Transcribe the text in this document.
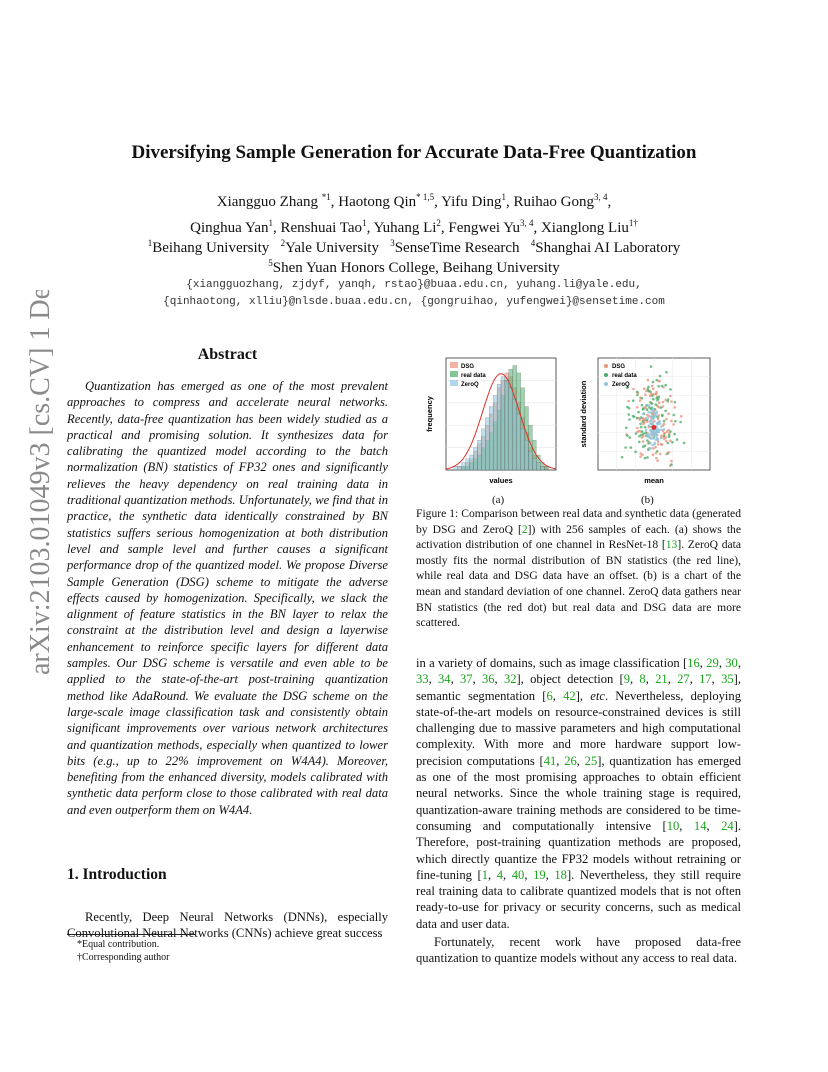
arXiv:2103.01049v3 [cs.CV] 1 Dec 2021
Diversifying Sample Generation for Accurate Data-Free Quantization
Xiangguo Zhang $^{*1}$, Haotong Qin$^{* 1,5}$, Yifu Ding$^1$, Ruihao Gong$^{3, 4}$,
Qinghua Yan$^1$, Renshuai Tao$^1$, Yuhang Li$^2$, Fengwei Yu$^{3, 4}$, Xianglong Liu$^{1\dagger}$
$^1$Beihang University   $^2$Yale University   $^3$SenseTime Research   $^4$Shanghai AI Laboratory
$^5$Shen Yuan Honors College, Beihang University
{xiangguozhang, zjdyf, yanqh, rstao}@buaa.edu.cn, yuhang.li@yale.edu,
{qinhaotong, xlliu}@nlsde.buaa.edu.cn, {gongruihao, yufengwei}@sensetime.com
Abstract

Quantization has emerged as one of the most prevalent approaches to compress and accelerate neural networks. Recently, data-free quantization has been widely studied as a practical and promising solution. It synthesizes data for calibrating the quantized model according to the batch normalization (BN) statistics of FP32 ones and significantly relieves the heavy dependency on real training data in traditional quantization methods. Unfortunately, we find that in practice, the synthetic data identically constrained by BN statistics suffers serious homogenization at both distribution level and sample level and further causes a significant performance drop of the quantized model. We propose Diverse Sample Generation (DSG) scheme to mitigate the adverse effects caused by homogenization. Specifically, we slack the alignment of feature statistics in the BN layer to relax the constraint at the distribution level and design a layerwise enhancement to reinforce specific layers for different data samples. Our DSG scheme is versatile and even able to be applied to the state-of-the-art post-training quantization method like AdaRound. We evaluate the DSG scheme on the large-scale image classification task and consistently obtain significant improvements over various network architectures and quantization methods, especially when quantized to lower bits (e.g., up to 22% improvement on W4A4). Moreover, benefiting from the enhanced diversity, models calibrated with synthetic data perform close to those calibrated with real data and even outperform them on W4A4.

1. Introduction

Recently, Deep Neural Networks (DNNs), especially Convolutional Neural Networks (CNNs) achieve great success

*Equal contribution.
†Corresponding author
DSG
real data
ZeroQ
values
frequency
DSG
real data
ZeroQ
mean
standard deviation
(a)	(b)

Figure 1: Comparison between real data and synthetic data (generated by DSG and ZeroQ [2]) with 256 samples of each. (a) shows the activation distribution of one channel in ResNet-18 [13]. ZeroQ data mostly fits the normal distribution of BN statistics (the red line), while real data and DSG data have an offset. (b) is a chart of the mean and standard deviation of one channel. ZeroQ data gathers near BN statistics (the red dot) but real data and DSG data are more scattered.

in a variety of domains, such as image classification [16, 29, 30, 33, 34, 37, 36, 32], object detection [9, 8, 21, 27, 17, 35], semantic segmentation [6, 42], etc. Nevertheless, deploying state-of-the-art models on resource-constrained devices is still challenging due to massive parameters and high computational complexity. With more and more hardware support low-precision computations [41, 26, 25], quantization has emerged as one of the most promising approaches to obtain efficient neural networks. Since the whole training stage is required, quantization-aware training methods are considered to be time-consuming and computationally intensive [10, 14, 24]. Therefore, post-training quantization methods are proposed, which directly quantize the FP32 models without retraining or fine-tuning [1, 4, 40, 19, 18]. Nevertheless, they still require real training data to calibrate quantized models that is not often ready-to-use for privacy or security concerns, such as medical data and user data.

Fortunately, recent work have proposed data-free quantization to quantize models without any access to real data.
